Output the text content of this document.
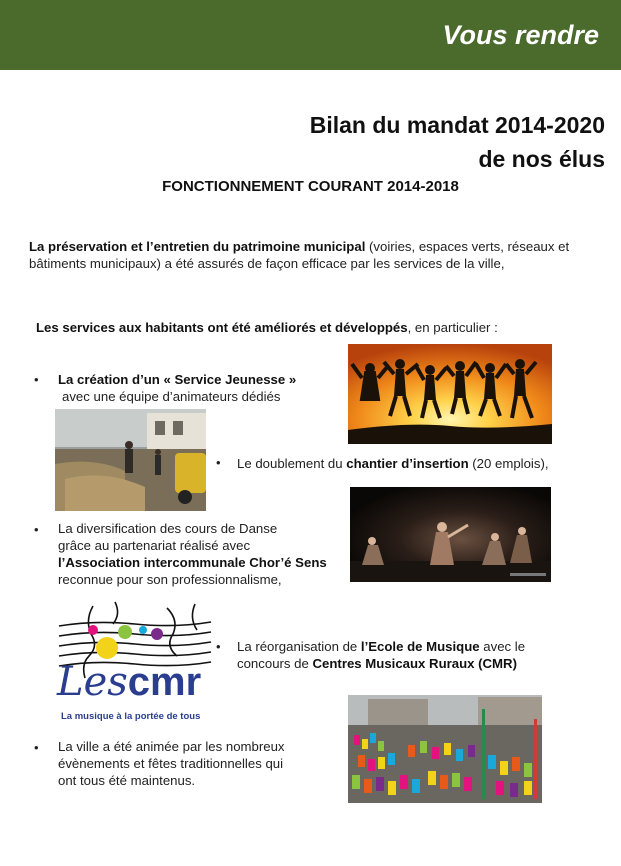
Vous rendre
Bilan du mandat 2014-2020
de nos élus
FONCTIONNEMENT COURANT 2014-2018
La préservation et l’entretien du patrimoine municipal (voiries, espaces verts, réseaux et
bâtiments municipaux) a été assurés de façon efficace par les services de la ville,
Les services aux habitants ont été améliorés et développés, en particulier :
• La création d’un « Service Jeunesse »
avec une équipe d’animateurs dédiés
• Le doublement du chantier d’insertion (20 emplois),
• La diversification des cours de Danse
grâce au partenariat réalisé avec
l’Association intercommunale Chor’é Sens
reconnue pour son professionnalisme,
Lescmr
La musique à la portée de tous
• La réorganisation de l’Ecole de Musique avec le
concours de Centres Musicaux Ruraux (CMR)
• La ville a été animée par les nombreux
évènements et fêtes traditionnelles qui
ont tous été maintenus.
